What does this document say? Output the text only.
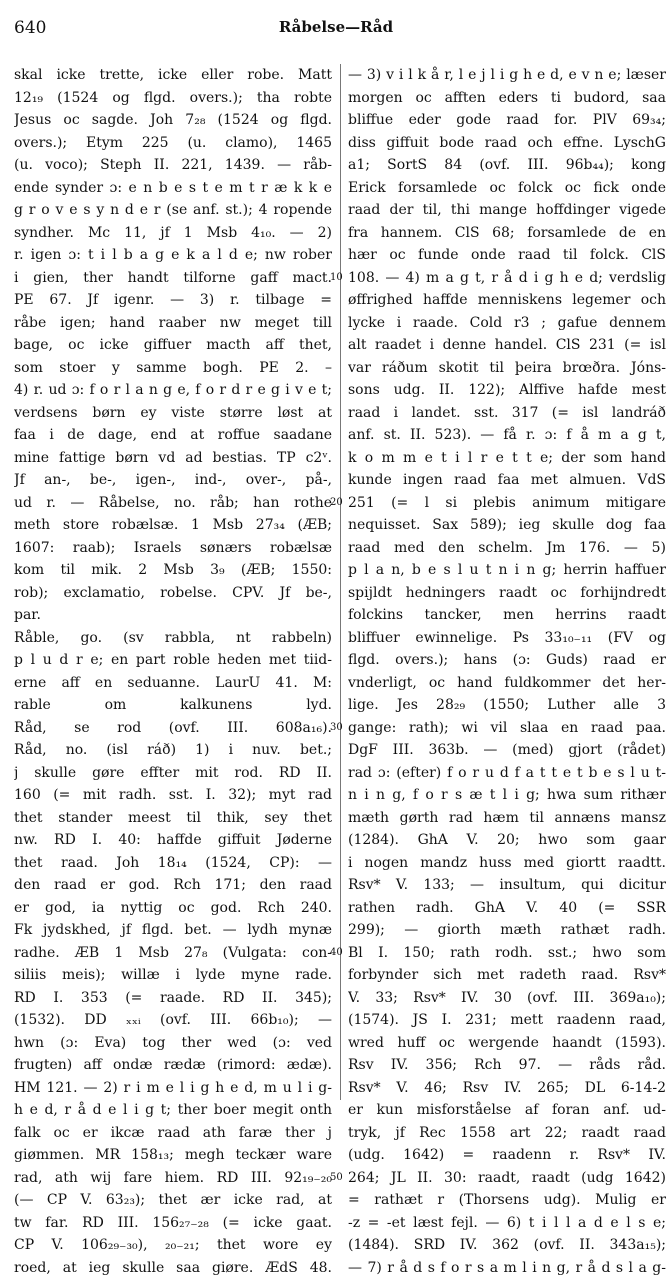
640	Råbelse—Råd
skal icke trette, icke eller robe. Matt
12₁₉ (1524 og flgd. overs.); tha robte
Jesus oc sagde. Joh 7₂₈ (1524 og flgd.
overs.); Etym 225 (u. clamo), 1465
(u. voco); Steph II. 221, 1439. — råb-
ende synder ɔ: e n b e s t e m t r æ k k e
g r o v e s y n d e r (se anf. st.); 4 ropende
syndher. Mc 11, jf 1 Msb 4₁₀. — 2)
r. igen ɔ: t i l b a g e k a l d e; nw rober
i gien, ther handt tilforne gaff mact.
PE 67. Jf igenr. — 3) r. tilbage =
råbe igen; hand raaber nw meget till
bage, oc icke giffuer macth aff thet,
som stoer y samme bogh. PE 2. –
4) r. ud ɔ: f o r l a n g e, f o r d r e g i v e t;
verdsens børn ey viste større løst at
faa i de dage, end at roffue saadane
mine fattige børn vd ad bestias. TP c2ᵛ.
Jf an-, be-, igen-, ind-, over-, på-,
ud r. — Råbelse, no. råb; han rothe
meth store robælsæ. 1 Msb 27₃₄ (ÆB;
1607: raab); Israels sønærs robælsæ
kom til mik. 2 Msb 3₉ (ÆB; 1550:
rob); exclamatio, robelse. CPV. Jf be-,
par.
Råble, go. (sv rabbla, nt rabbeln)
p l u d r e; en part roble heden met tiid-
erne aff en seduanne. LaurU 41. M:
rable om kalkunens lyd.
Råd, se rod (ovf. III. 608a₁₆).
Råd, no. (isl ráð) 1) i nuv. bet.;
j skulle gøre effter mit rod. RD II.
160 (= mit radh. sst. I. 32); myt rad
thet stander meest til thik, sey thet
nw. RD I. 40: haffde giffuit Jøderne
thet raad. Joh 18₁₄ (1524, CP): —
den raad er god. Rch 171; den raad
er god, ia nyttig oc god. Rch 240.
Fk jydskhed, jf flgd. bet. — lydh mynæ
radhe. ÆB 1 Msb 27₈ (Vulgata: con-
siliis meis); willæ i lyde myne rade.
RD I. 353 (= raade. RD II. 345);
(1532). DD ₓₓᵢ (ovf. III. 66b₁₀); —
hwn (ɔ: Eva) tog ther wed (ɔ: ved
frugten) aff ondæ rædæ (rimord: ædæ).
HM 121. — 2) r i m e l i g h e d, m u l i g-
h e d, r å d e l i g t; ther boer megit onth
falk oc er ikcæ raad ath faræ ther j
giømmen. MR 158₁₃; megh teckær ware
rad, ath wij fare hiem. RD III. 92₁₉₋₂₀
(— CP V. 63₂₃); thet ær icke rad, at
tw far. RD III. 156₂₇₋₂₈ (= icke gaat.
CP V. 106₂₉₋₃₀), ₂₀₋₂₁; thet wore ey
roed, at ieg skulle saa giøre. ÆdS 48.
10
20
30
40
50
— 3) v i l k å r, l e j l i g h e d, e v n e; læser
morgen oc afften eders ti budord, saa
bliffue eder gode raad for. PlV 69₃₄;
diss giffuit bode raad och effne. LyschG
a1; SortS 84 (ovf. III. 96b₄₄); kong
Erick forsamlede oc folck oc fick onde
raad der til, thi mange hoffdinger vigede
fra hannem. ClS 68; forsamlede de en
hær oc funde onde raad til folck. ClS
108. — 4) m a g t, r å d i g h e d; verdslig
øffrighed haffde menniskens legemer och
lycke i raade. Cold r3 ; gafue dennem
alt raadet i denne handel. ClS 231 (= isl
var ráðum skotit til þeira brœðra. Jóns-
sons udg. II. 122); Alffive hafde mest
raad i landet. sst. 317 (= isl landráð
anf. st. II. 523). — få r. ɔ: f å m a g t,
k o m m e t i l r e t t e; der som hand
kunde ingen raad faa met almuen. VdS
251 (= l si plebis animum mitigare
nequisset. Sax 589); ieg skulle dog faa
raad med den schelm. Jm 176. — 5)
p l a n, b e s l u t n i n g; herrin haffuer
spijldt hedningers raadt oc forhijndredt
folckins tancker, men herrins raadt
bliffuer ewinnelige. Ps 33₁₀₋₁₁ (FV og
flgd. overs.); hans (ɔ: Guds) raad er
vnderligt, oc hand fuldkommer det her-
lige. Jes 28₂₉ (1550; Luther alle 3
gange: rath); wi vil slaa en raad paa.
DgF III. 363b. — (med) gjort (rådet)
rad ɔ: (efter) f o r u d f a t t e t b e s l u t-
n i n g, f o r s æ t l i g; hwa sum rithær
mæth gørth rad hæm til annæns mansz
(1284). GhA V. 20; hwo som gaar
i nogen mandz huss med giortt raadtt.
Rsv* V. 133; — insultum, qui dicitur
rathen radh. GhA V. 40 (= SSR
299); — giorth mæth rathæt radh.
Bl I. 150; rath rodh. sst.; hwo som
forbynder sich met radeth raad. Rsv*
V. 33; Rsv* IV. 30 (ovf. III. 369a₁₀);
(1574). JS I. 231; mett raadenn raad,
wred huff oc wergende haandt (1593).
Rsv IV. 356; Rch 97. — råds råd.
Rsv* V. 46; Rsv IV. 265; DL 6-14-2
er kun misforståelse af foran anf. ud-
tryk, jf Rec 1558 art 22; raadt raad
(udg. 1642) = raadenn r. Rsv* IV.
264; JL II. 30: raadt, raadt (udg 1642)
= rathæt r (Thorsens udg). Mulig er
-z = -et læst fejl. — 6) t i l l a d e l s e;
(1484). SRD IV. 362 (ovf. II. 343a₁₅);
— 7) r å d s f o r s a m l i n g, r å d s l a g-
